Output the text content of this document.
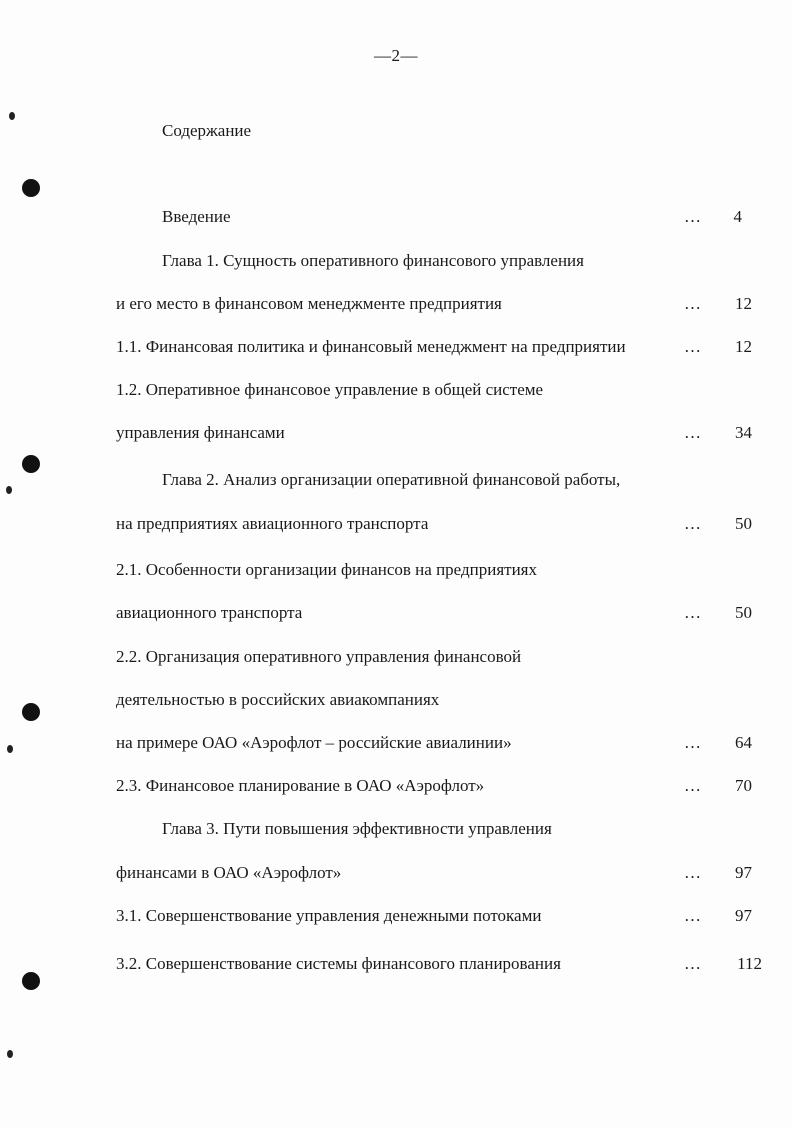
—2—
Содержание
Введение	… 4
Глава 1. Сущность оперативного финансового управления
и его место в финансовом менеджменте предприятия	… 12
1.1. Финансовая политика и финансовый менеджмент на предприятии	… 12
1.2. Оперативное финансовое управление в общей системе
управления финансами	… 34
Глава 2. Анализ организации оперативной финансовой работы,
на предприятиях авиационного транспорта	… 50
2.1. Особенности организации финансов на предприятиях
авиационного транспорта	… 50
2.2. Организация оперативного управления финансовой
деятельностью в российских авиакомпаниях
на примере ОАО «Аэрофлот – российские авиалинии»	… 64
2.3. Финансовое планирование в ОАО «Аэрофлот»	… 70
Глава 3. Пути повышения эффективности управления
финансами в ОАО «Аэрофлот»	… 97
3.1. Совершенствование управления денежными потоками	… 97
3.2. Совершенствование системы финансового планирования	… 112
